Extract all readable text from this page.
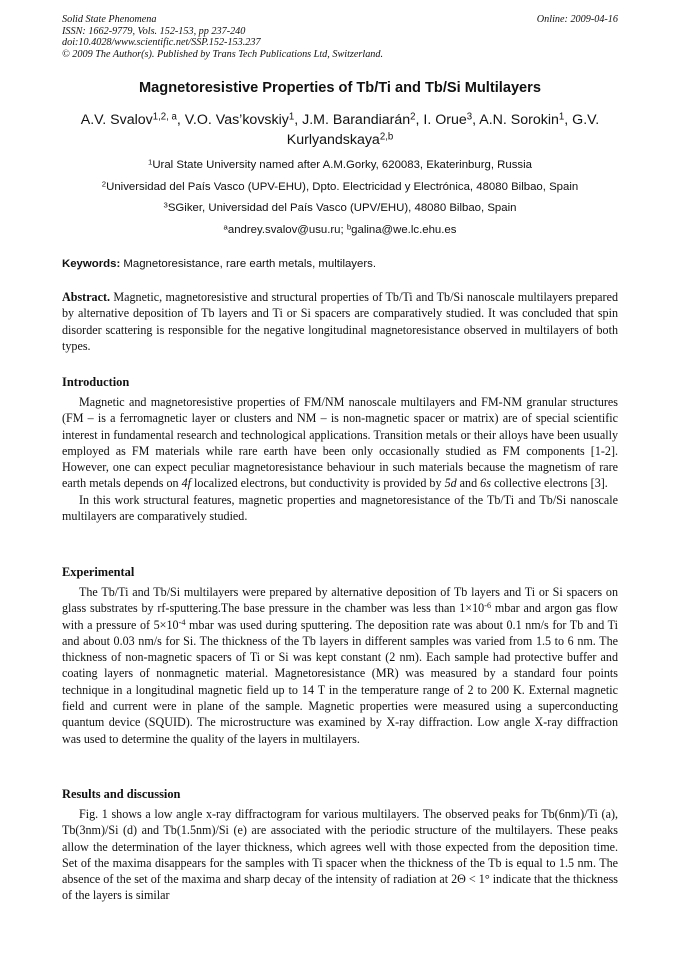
Solid State Phenomena
ISSN: 1662-9779, Vols. 152-153, pp 237-240
doi:10.4028/www.scientific.net/SSP.152-153.237
© 2009 The Author(s). Published by Trans Tech Publications Ltd, Switzerland.
Online: 2009-04-16
Magnetoresistive Properties of Tb/Ti and Tb/Si Multilayers
A.V. Svalov$^{1,2, a}$, V.O. Vas’kovskiy$^1$, J.M. Barandiarán$^2$, I. Orue$^3$, A.N. Sorokin$^1$, G.V. Kurlyandskaya$^{2,b}$
$^1$Ural State University named after A.M.Gorky, 620083, Ekaterinburg, Russia
$^2$Universidad del País Vasco (UPV-EHU), Dpto. Electricidad y Electrónica, 48080 Bilbao, Spain
$^3$SGiker, Universidad del País Vasco (UPV/EHU), 48080 Bilbao, Spain
$^a$andrey.svalov@usu.ru; $^b$galina@we.lc.ehu.es
Keywords: Magnetoresistance, rare earth metals, multilayers.

Abstract. Magnetic, magnetoresistive and structural properties of Tb/Ti and Tb/Si nanoscale multilayers prepared by alternative deposition of Tb layers and Ti or Si spacers are comparatively studied. It was concluded that spin disorder scattering is responsible for the negative longitudinal magnetoresistance observed in multilayers of both types.

Introduction

Magnetic and magnetoresistive properties of FM/NM nanoscale multilayers and FM-NM granular structures (FM – is a ferromagnetic layer or clusters and NM – is non-magnetic spacer or matrix) are of special scientific interest in fundamental research and technological applications. Transition metals or their alloys have been usually employed as FM materials while rare earth have been only occasionally studied as FM components [1-2]. However, one can expect peculiar magnetoresistance behaviour in such materials because the magnetism of rare earth metals depends on 4f localized electrons, but conductivity is provided by 5d and 6s collective electrons [3].

In this work structural features, magnetic properties and magnetoresistance of the Tb/Ti and Tb/Si nanoscale multilayers are comparatively studied.

Experimental

The Tb/Ti and Tb/Si multilayers were prepared by alternative deposition of Tb layers and Ti or Si spacers on glass substrates by rf-sputtering.The base pressure in the chamber was less than $1\times 10^{-6}$ mbar and argon gas flow with a pressure of $5\times 10^{-4}$ mbar was used during sputtering. The deposition rate was about 0.1 nm/s for Tb and Ti and about 0.03 nm/s for Si. The thickness of the Tb layers in different samples was varied from 1.5 to 6 nm. The thickness of non-magnetic spacers of Ti or Si was kept constant (2 nm). Each sample had protective buffer and coating layers of nonmagnetic material. Magnetoresistance (MR) was measured by a standard four points technique in a longitudinal magnetic field up to 14 T in the temperature range of 2 to 200 K. External magnetic field and current were in plane of the sample. Magnetic properties were measured using a superconducting quantum device (SQUID). The microstructure was examined by X-ray diffraction. Low angle X-ray diffraction was used to determine the quality of the layers in multilayers.

Results and discussion

Fig. 1 shows a low angle x-ray diffractogram for various multilayers. The observed peaks for Tb(6nm)/Ti (a), Tb(3nm)/Si (d) and Tb(1.5nm)/Si (e) are associated with the periodic structure of the multilayers. These peaks allow the determination of the layer thickness, which agrees well with those expected from the deposition time. Set of the maxima disappears for the samples with Ti spacer when the thickness of the Tb is equal to 1.5 nm. The absence of the set of the maxima and sharp decay of the intensity of radiation at 2Θ < 1° indicate that the thickness of the layers is similar
